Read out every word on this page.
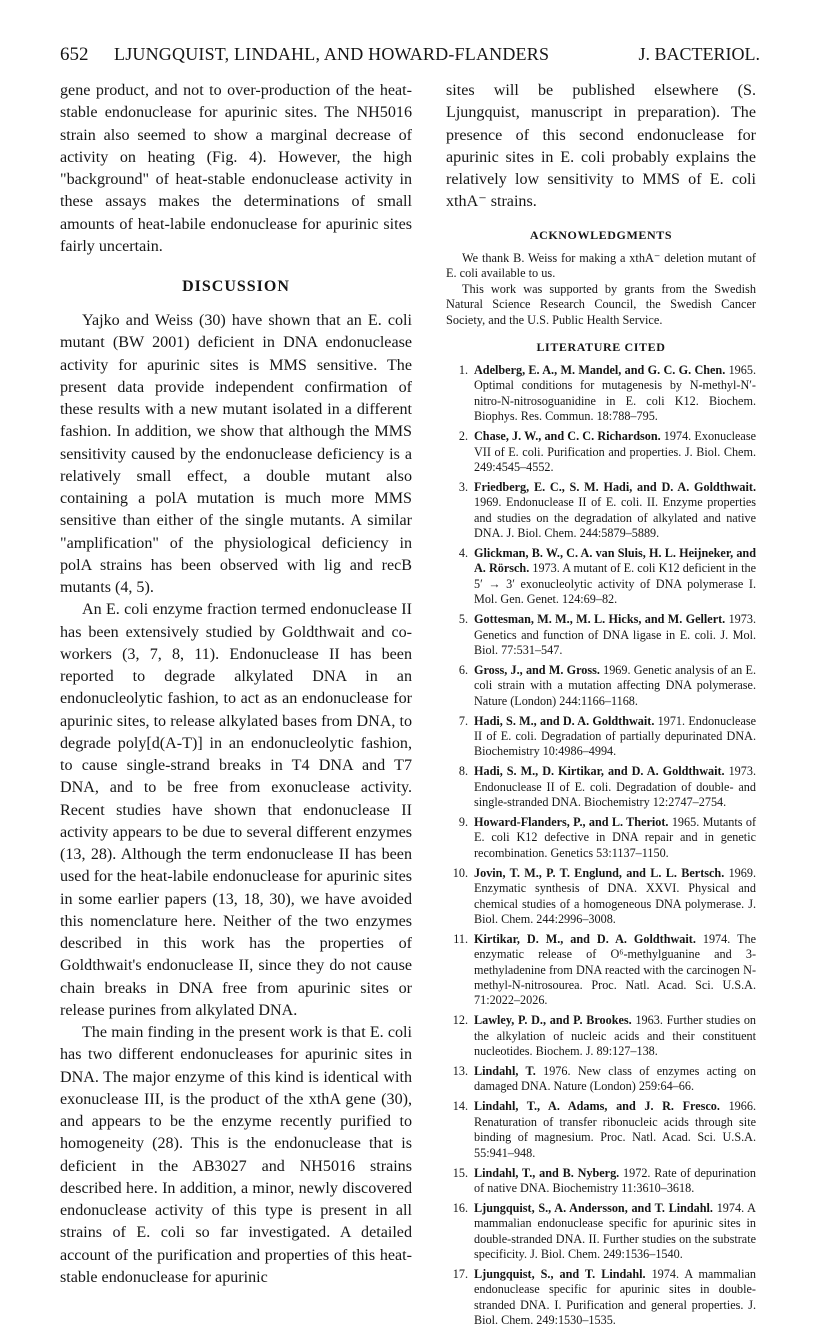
652 LJUNGQUIST, LINDAHL, AND HOWARD-FLANDERS	J. BACTERIOL.

gene product, and not to over-production of the heat-stable endonuclease for apurinic sites. The NH5016 strain also seemed to show a marginal decrease of activity on heating (Fig. 4). However, the high "background" of heat-stable endonuclease activity in these assays makes the determinations of small amounts of heat-labile endonuclease for apurinic sites fairly uncertain.

DISCUSSION

Yajko and Weiss (30) have shown that an E. coli mutant (BW 2001) deficient in DNA endonuclease activity for apurinic sites is MMS sensitive. The present data provide independent confirmation of these results with a new mutant isolated in a different fashion. In addition, we show that although the MMS sensitivity caused by the endonuclease deficiency is a relatively small effect, a double mutant also containing a polA mutation is much more MMS sensitive than either of the single mutants. A similar "amplification" of the physiological deficiency in polA strains has been observed with lig and recB mutants (4, 5).

An E. coli enzyme fraction termed endonuclease II has been extensively studied by Goldthwait and co-workers (3, 7, 8, 11). Endonuclease II has been reported to degrade alkylated DNA in an endonucleolytic fashion, to act as an endonuclease for apurinic sites, to release alkylated bases from DNA, to degrade poly[d(A-T)] in an endonucleolytic fashion, to cause single-strand breaks in T4 DNA and T7 DNA, and to be free from exonuclease activity. Recent studies have shown that endonuclease II activity appears to be due to several different enzymes (13, 28). Although the term endonuclease II has been used for the heat-labile endonuclease for apurinic sites in some earlier papers (13, 18, 30), we have avoided this nomenclature here. Neither of the two enzymes described in this work has the properties of Goldthwait's endonuclease II, since they do not cause chain breaks in DNA free from apurinic sites or release purines from alkylated DNA.

The main finding in the present work is that E. coli has two different endonucleases for apurinic sites in DNA. The major enzyme of this kind is identical with exonuclease III, is the product of the xthA gene (30), and appears to be the enzyme recently purified to homogeneity (28). This is the endonuclease that is deficient in the AB3027 and NH5016 strains described here. In addition, a minor, newly discovered endonuclease activity of this type is present in all strains of E. coli so far investigated. A detailed account of the purification and properties of this heat-stable endonuclease for apurinic

sites will be published elsewhere (S. Ljungquist, manuscript in preparation). The presence of this second endonuclease for apurinic sites in E. coli probably explains the relatively low sensitivity to MMS of E. coli xthA⁻ strains.

ACKNOWLEDGMENTS

We thank B. Weiss for making a xthA⁻ deletion mutant of E. coli available to us.

This work was supported by grants from the Swedish Natural Science Research Council, the Swedish Cancer Society, and the U.S. Public Health Service.

LITERATURE CITED
1. Adelberg, E. A., M. Mandel, and G. C. G. Chen. 1965. Optimal conditions for mutagenesis by N-methyl-N′-nitro-N-nitrosoguanidine in E. coli K12. Biochem. Biophys. Res. Commun. 18:788–795.
2. Chase, J. W., and C. C. Richardson. 1974. Exonuclease VII of E. coli. Purification and properties. J. Biol. Chem. 249:4545–4552.
3. Friedberg, E. C., S. M. Hadi, and D. A. Goldthwait. 1969. Endonuclease II of E. coli. II. Enzyme properties and studies on the degradation of alkylated and native DNA. J. Biol. Chem. 244:5879–5889.
4. Glickman, B. W., C. A. van Sluis, H. L. Heijneker, and A. Rörsch. 1973. A mutant of E. coli K12 deficient in the 5′ → 3′ exonucleolytic activity of DNA polymerase I. Mol. Gen. Genet. 124:69–82.
5. Gottesman, M. M., M. L. Hicks, and M. Gellert. 1973. Genetics and function of DNA ligase in E. coli. J. Mol. Biol. 77:531–547.
6. Gross, J., and M. Gross. 1969. Genetic analysis of an E. coli strain with a mutation affecting DNA polymerase. Nature (London) 244:1166–1168.
7. Hadi, S. M., and D. A. Goldthwait. 1971. Endonuclease II of E. coli. Degradation of partially depurinated DNA. Biochemistry 10:4986–4994.
8. Hadi, S. M., D. Kirtikar, and D. A. Goldthwait. 1973. Endonuclease II of E. coli. Degradation of double- and single-stranded DNA. Biochemistry 12:2747–2754.
9. Howard-Flanders, P., and L. Theriot. 1965. Mutants of E. coli K12 defective in DNA repair and in genetic recombination. Genetics 53:1137–1150.
10. Jovin, T. M., P. T. Englund, and L. L. Bertsch. 1969. Enzymatic synthesis of DNA. XXVI. Physical and chemical studies of a homogeneous DNA polymerase. J. Biol. Chem. 244:2996–3008.
11. Kirtikar, D. M., and D. A. Goldthwait. 1974. The enzymatic release of O⁶-methylguanine and 3-methyladenine from DNA reacted with the carcinogen N-methyl-N-nitrosourea. Proc. Natl. Acad. Sci. U.S.A. 71:2022–2026.
12. Lawley, P. D., and P. Brookes. 1963. Further studies on the alkylation of nucleic acids and their constituent nucleotides. Biochem. J. 89:127–138.
13. Lindahl, T. 1976. New class of enzymes acting on damaged DNA. Nature (London) 259:64–66.
14. Lindahl, T., A. Adams, and J. R. Fresco. 1966. Renaturation of transfer ribonucleic acids through site binding of magnesium. Proc. Natl. Acad. Sci. U.S.A. 55:941–948.
15. Lindahl, T., and B. Nyberg. 1972. Rate of depurination of native DNA. Biochemistry 11:3610–3618.
16. Ljungquist, S., A. Andersson, and T. Lindahl. 1974. A mammalian endonuclease specific for apurinic sites in double-stranded DNA. II. Further studies on the substrate specificity. J. Biol. Chem. 249:1536–1540.
17. Ljungquist, S., and T. Lindahl. 1974. A mammalian endonuclease specific for apurinic sites in double-stranded DNA. I. Purification and general properties. J. Biol. Chem. 249:1530–1535.
